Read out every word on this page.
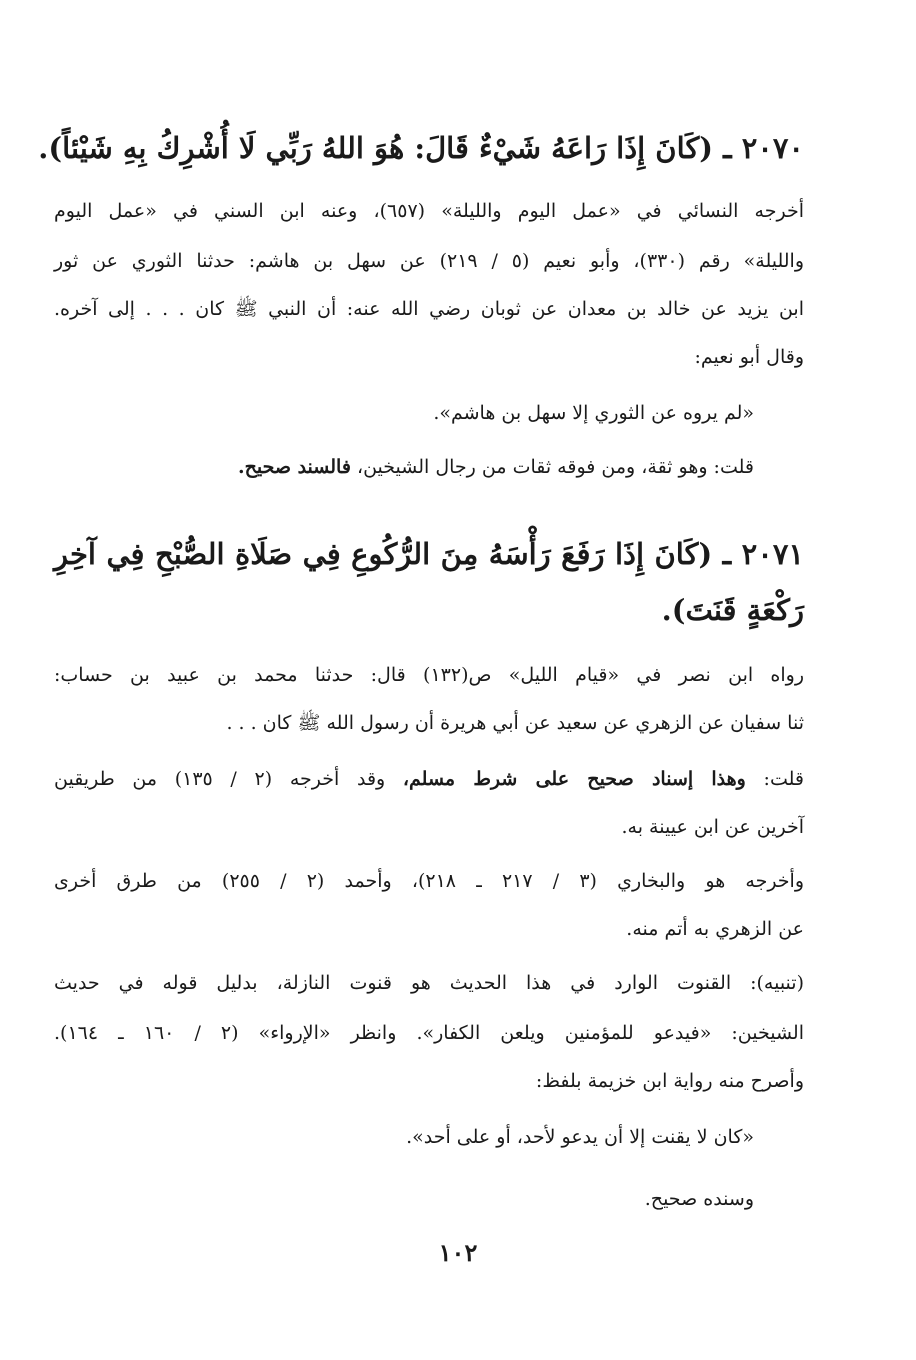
٢٠٧٠ ـ (كَانَ إِذَا رَاعَهُ شَيْءٌ قَالَ: هُوَ اللهُ رَبِّي لَا أُشْرِكُ بِهِ شَيْئاً).
أخرجه النسائي في «عمل اليوم والليلة» (٦٥٧)، وعنه ابن السني في «عمل اليوم
والليلة» رقم (٣٣٠)، وأبو نعيم (٥ / ٢١٩) عن سهل بن هاشم: حدثنا الثوري عن ثور
ابن يزيد عن خالد بن معدان عن ثوبان رضي الله عنه: أن النبي ﷺ كان . . . إلى آخره.
وقال أبو نعيم:
«لم يروه عن الثوري إلا سهل بن هاشم».
قلت: وهو ثقة، ومن فوقه ثقات من رجال الشيخين، فالسند صحيح.
٢٠٧١ ـ (كَانَ إِذَا رَفَعَ رَأْسَهُ مِنَ الرُّكُوعِ فِي صَلَاةِ الصُّبْحِ فِي آخِرِ
رَكْعَةٍ قَنَتَ).
رواه ابن نصر في «قيام الليل» ص(١٣٢) قال: حدثنا محمد بن عبيد بن حساب:
ثنا سفيان عن الزهري عن سعيد عن أبي هريرة أن رسول الله ﷺ كان . . .
قلت: وهذا إسناد صحيح على شرط مسلم، وقد أخرجه (٢ / ١٣٥) من طريقين
آخرين عن ابن عيينة به.
وأخرجه هو والبخاري (٣ / ٢١٧ ـ ٢١٨)، وأحمد (٢ / ٢٥٥) من طرق أخرى
عن الزهري به أتم منه.
(تنبيه): القنوت الوارد في هذا الحديث هو قنوت النازلة، بدليل قوله في حديث
الشيخين: «فيدعو للمؤمنين ويلعن الكفار». وانظر «الإرواء» (٢ / ١٦٠ ـ ١٦٤).
وأصرح منه رواية ابن خزيمة بلفظ:
«كان لا يقنت إلا أن يدعو لأحد، أو على أحد».
وسنده صحيح.
١٠٢
